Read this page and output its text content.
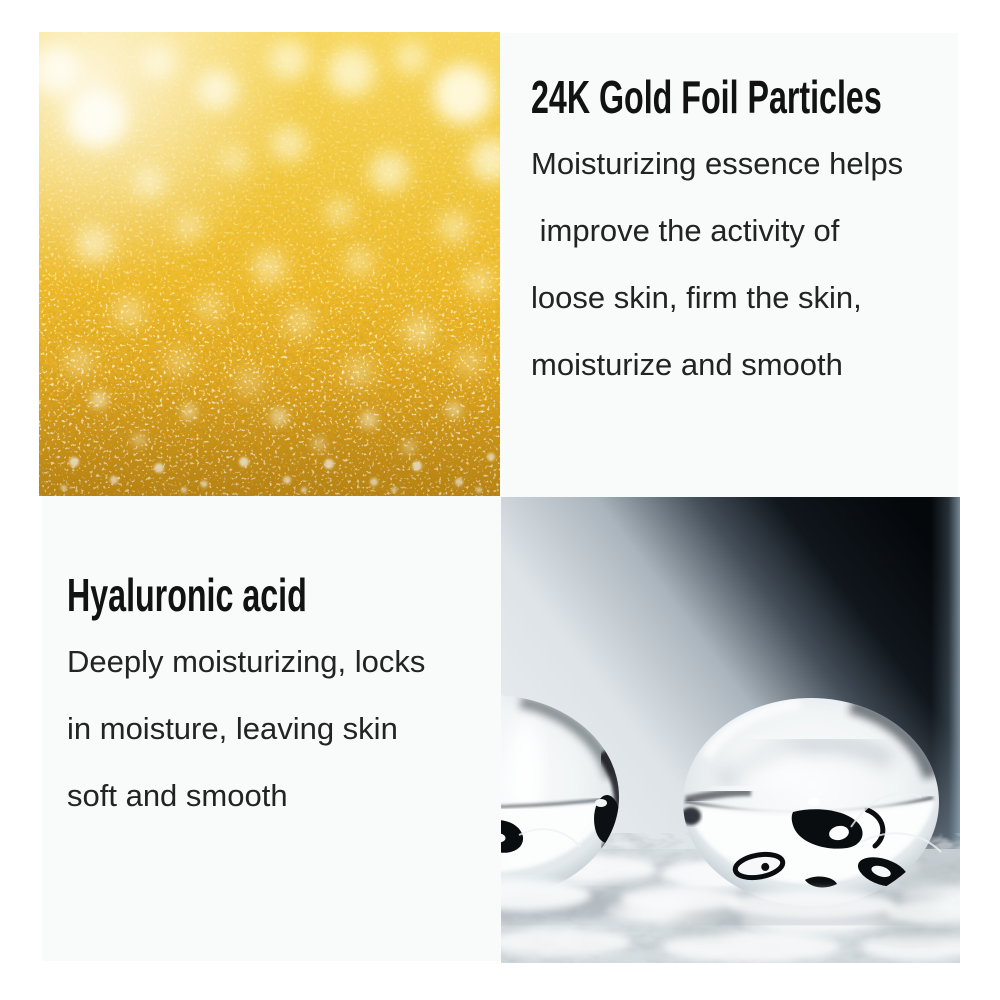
24K Gold Foil Particles

Moisturizing essence helps

improve the activity of

loose skin, firm the skin,

moisturize and smooth

Hyaluronic acid

Deeply moisturizing, locks

in moisture, leaving skin

soft and smooth
